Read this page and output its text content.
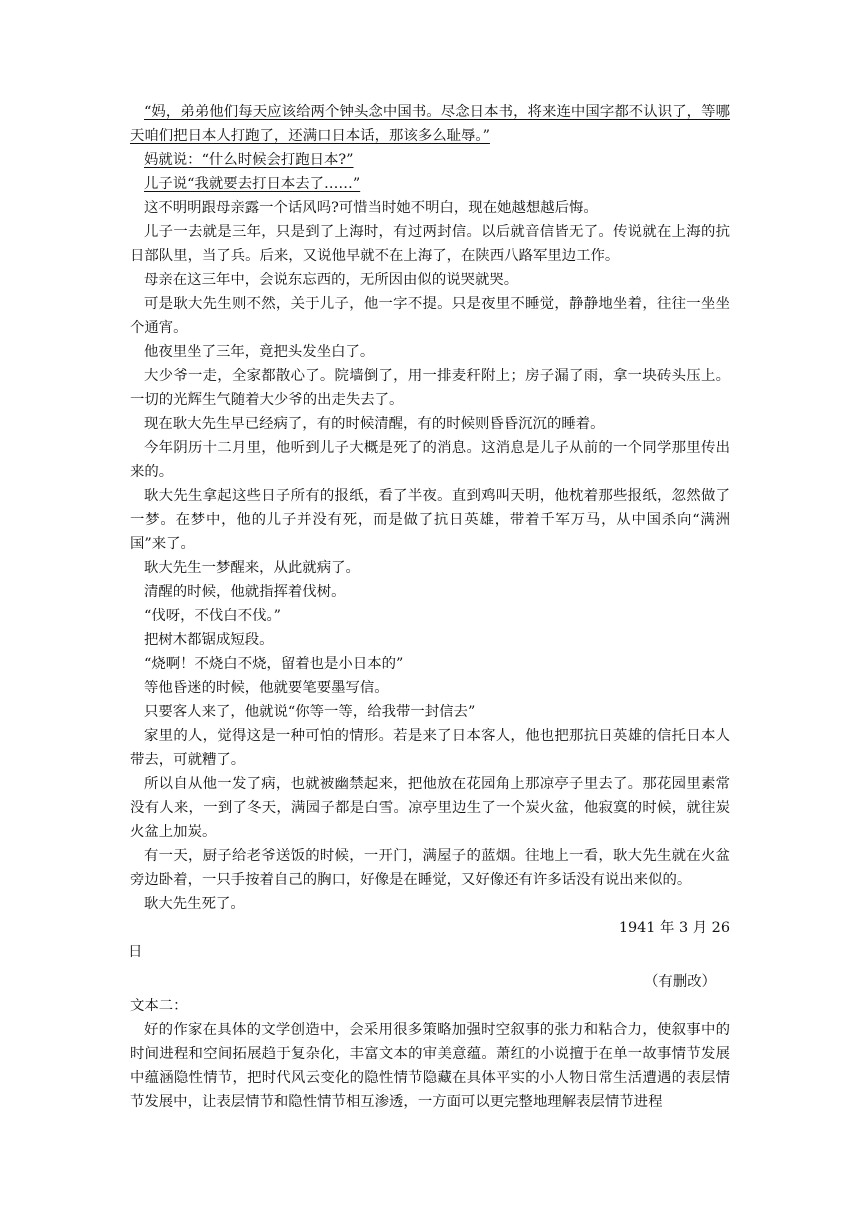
“妈，弟弟他们每天应该给两个钟头念中国书。尽念日本书，将来连中国字都不认识了，等哪天咱们把日本人打跑了，还满口日本话，那该多么耻辱。”

妈就说：“什么时候会打跑日本?”

儿子说“我就要去打日本去了……”

这不明明跟母亲露一个话风吗?可惜当时她不明白，现在她越想越后悔。

儿子一去就是三年，只是到了上海时，有过两封信。以后就音信皆无了。传说就在上海的抗日部队里，当了兵。后来，又说他早就不在上海了，在陕西八路军里边工作。

母亲在这三年中，会说东忘西的，无所因由似的说哭就哭。

可是耿大先生则不然，关于儿子，他一字不提。只是夜里不睡觉，静静地坐着，往往一坐坐个通宵。

他夜里坐了三年，竟把头发坐白了。

大少爷一走，全家都散心了。院墙倒了，用一排麦秆附上；房子漏了雨，拿一块砖头压上。一切的光辉生气随着大少爷的出走失去了。

现在耿大先生早已经病了，有的时候清醒，有的时候则昏昏沉沉的睡着。

今年阴历十二月里，他听到儿子大概是死了的消息。这消息是儿子从前的一个同学那里传出来的。

耿大先生拿起这些日子所有的报纸，看了半夜。直到鸡叫天明，他枕着那些报纸，忽然做了一梦。在梦中，他的儿子并没有死，而是做了抗日英雄，带着千军万马，从中国杀向“满洲国”来了。

耿大先生一梦醒来，从此就病了。

清醒的时候，他就指挥着伐树。

“伐呀，不伐白不伐。”

把树木都锯成短段。

“烧啊！不烧白不烧，留着也是小日本的”

等他昏迷的时候，他就要笔要墨写信。

只要客人来了，他就说“你等一等，给我带一封信去”

家里的人，觉得这是一种可怕的情形。若是来了日本客人，他也把那抗日英雄的信托日本人带去，可就糟了。

所以自从他一发了病，也就被幽禁起来，把他放在花园角上那凉亭子里去了。那花园里素常没有人来，一到了冬天，满园子都是白雪。凉亭里边生了一个炭火盆，他寂寞的时候，就往炭火盆上加炭。

有一天，厨子给老爷送饭的时候，一开门，满屋子的蓝烟。往地上一看，耿大先生就在火盆旁边卧着，一只手按着自己的胸口，好像是在睡觉，又好像还有许多话没有说出来似的。

耿大先生死了。

1941 年 3 月 26

日

（有删改）

文本二：

好的作家在具体的文学创造中，会采用很多策略加强时空叙事的张力和粘合力，使叙事中的时间进程和空间拓展趋于复杂化，丰富文本的审美意蕴。萧红的小说擅于在单一故事情节发展中蕴涵隐性情节，把时代风云变化的隐性情节隐藏在具体平实的小人物日常生活遭遇的表层情节发展中，让表层情节和隐性情节相互渗透，一方面可以更完整地理解表层情节进程
